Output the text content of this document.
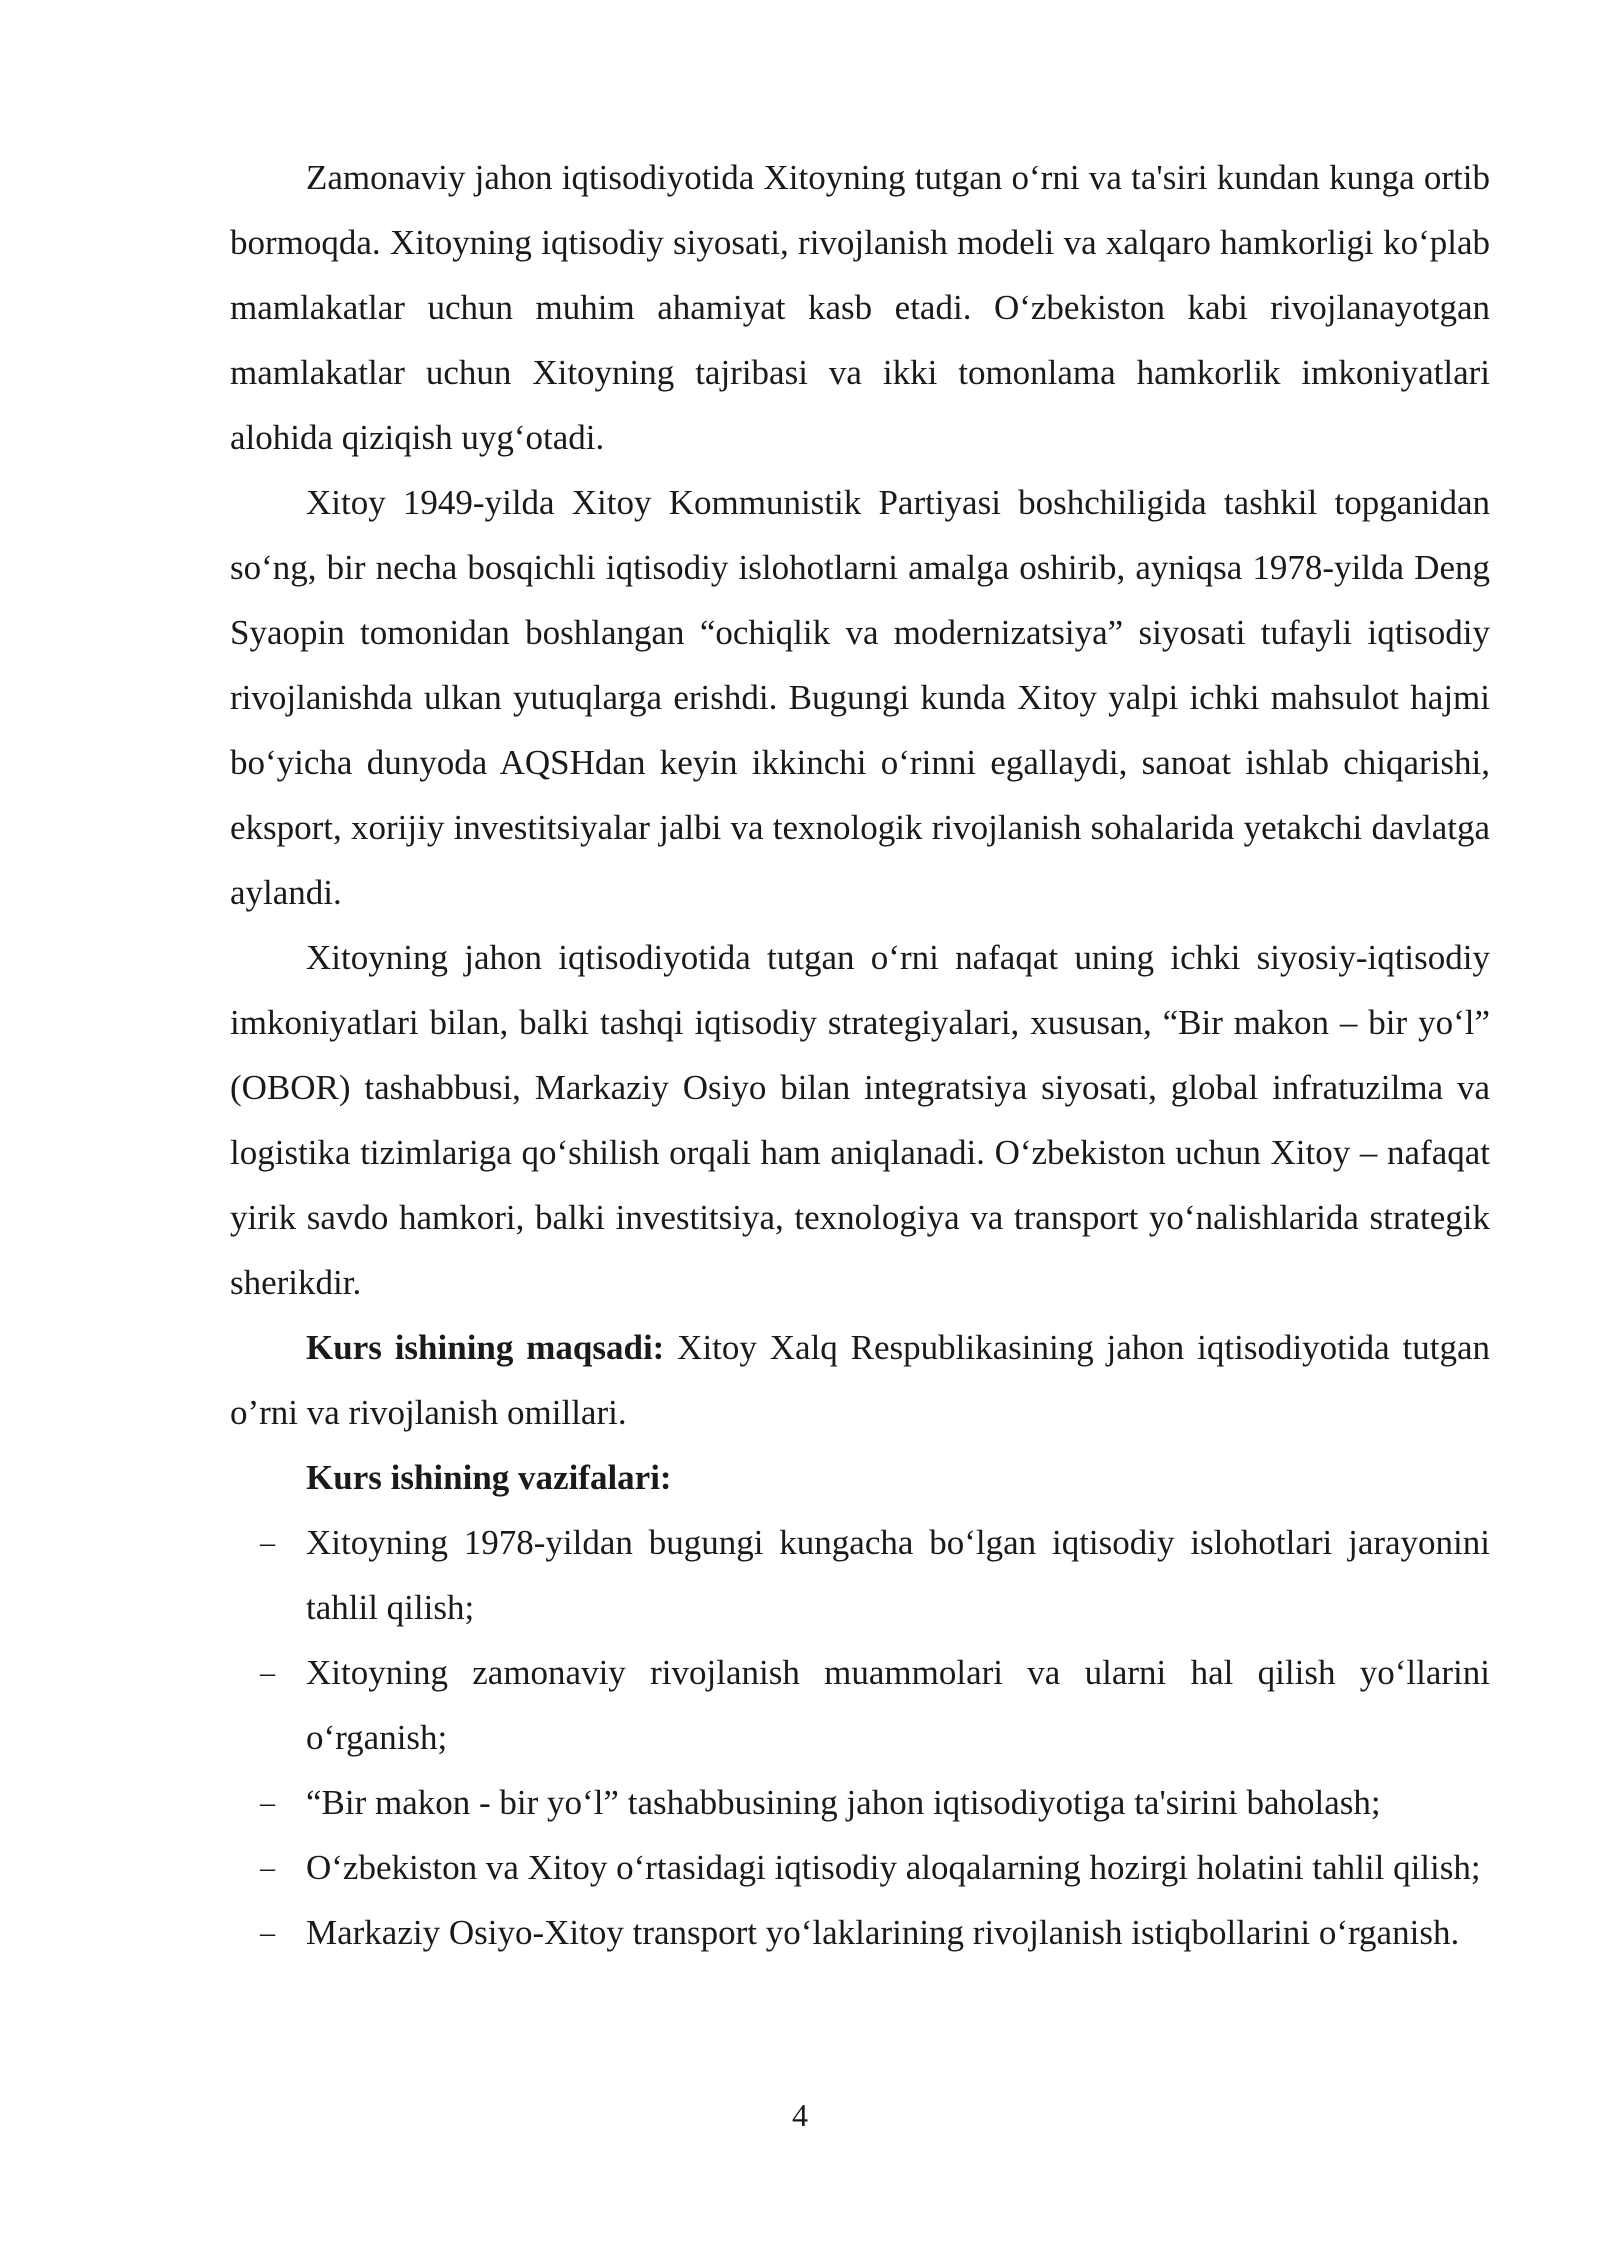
Zamonaviy jahon iqtisodiyotida Xitoyning tutgan o‘rni va ta'siri kundan kunga ortib bormoqda. Xitoyning iqtisodiy siyosati, rivojlanish modeli va xalqaro hamkorligi ko‘plab mamlakatlar uchun muhim ahamiyat kasb etadi. O‘zbekiston kabi rivojlanayotgan mamlakatlar uchun Xitoyning tajribasi va ikki tomonlama hamkorlik imkoniyatlari alohida qiziqish uyg‘otadi.

Xitoy 1949-yilda Xitoy Kommunistik Partiyasi boshchiligida tashkil topganidan so‘ng, bir necha bosqichli iqtisodiy islohotlarni amalga oshirib, ayniqsa 1978-yilda Deng Syaopin tomonidan boshlangan “ochiqlik va modernizatsiya” siyosati tufayli iqtisodiy rivojlanishda ulkan yutuqlarga erishdi. Bugungi kunda Xitoy yalpi ichki mahsulot hajmi bo‘yicha dunyoda AQSHdan keyin ikkinchi o‘rinni egallaydi, sanoat ishlab chiqarishi, eksport, xorijiy investitsiyalar jalbi va texnologik rivojlanish sohalarida yetakchi davlatga aylandi.

Xitoyning jahon iqtisodiyotida tutgan o‘rni nafaqat uning ichki siyosiy-iqtisodiy imkoniyatlari bilan, balki tashqi iqtisodiy strategiyalari, xususan, “Bir makon – bir yo‘l” (OBOR) tashabbusi, Markaziy Osiyo bilan integratsiya siyosati, global infratuzilma va logistika tizimlariga qo‘shilish orqali ham aniqlanadi. O‘zbekiston uchun Xitoy – nafaqat yirik savdo hamkori, balki investitsiya, texnologiya va transport yo‘nalishlarida strategik sherikdir.

Kurs ishining maqsadi: Xitoy Xalq Respublikasining jahon iqtisodiyotida tutgan o’rni va rivojlanish omillari.

Kurs ishining vazifalari:

– Xitoyning 1978-yildan bugungi kungacha bo‘lgan iqtisodiy islohotlari jarayonini tahlil qilish;
– Xitoyning zamonaviy rivojlanish muammolari va ularni hal qilish yo‘llarini o‘rganish;
– “Bir makon - bir yo‘l” tashabbusining jahon iqtisodiyotiga ta'sirini baholash;
– O‘zbekiston va Xitoy o‘rtasidagi iqtisodiy aloqalarning hozirgi holatini tahlil qilish;
– Markaziy Osiyo-Xitoy transport yo‘laklarining rivojlanish istiqbollarini o‘rganish.
4
